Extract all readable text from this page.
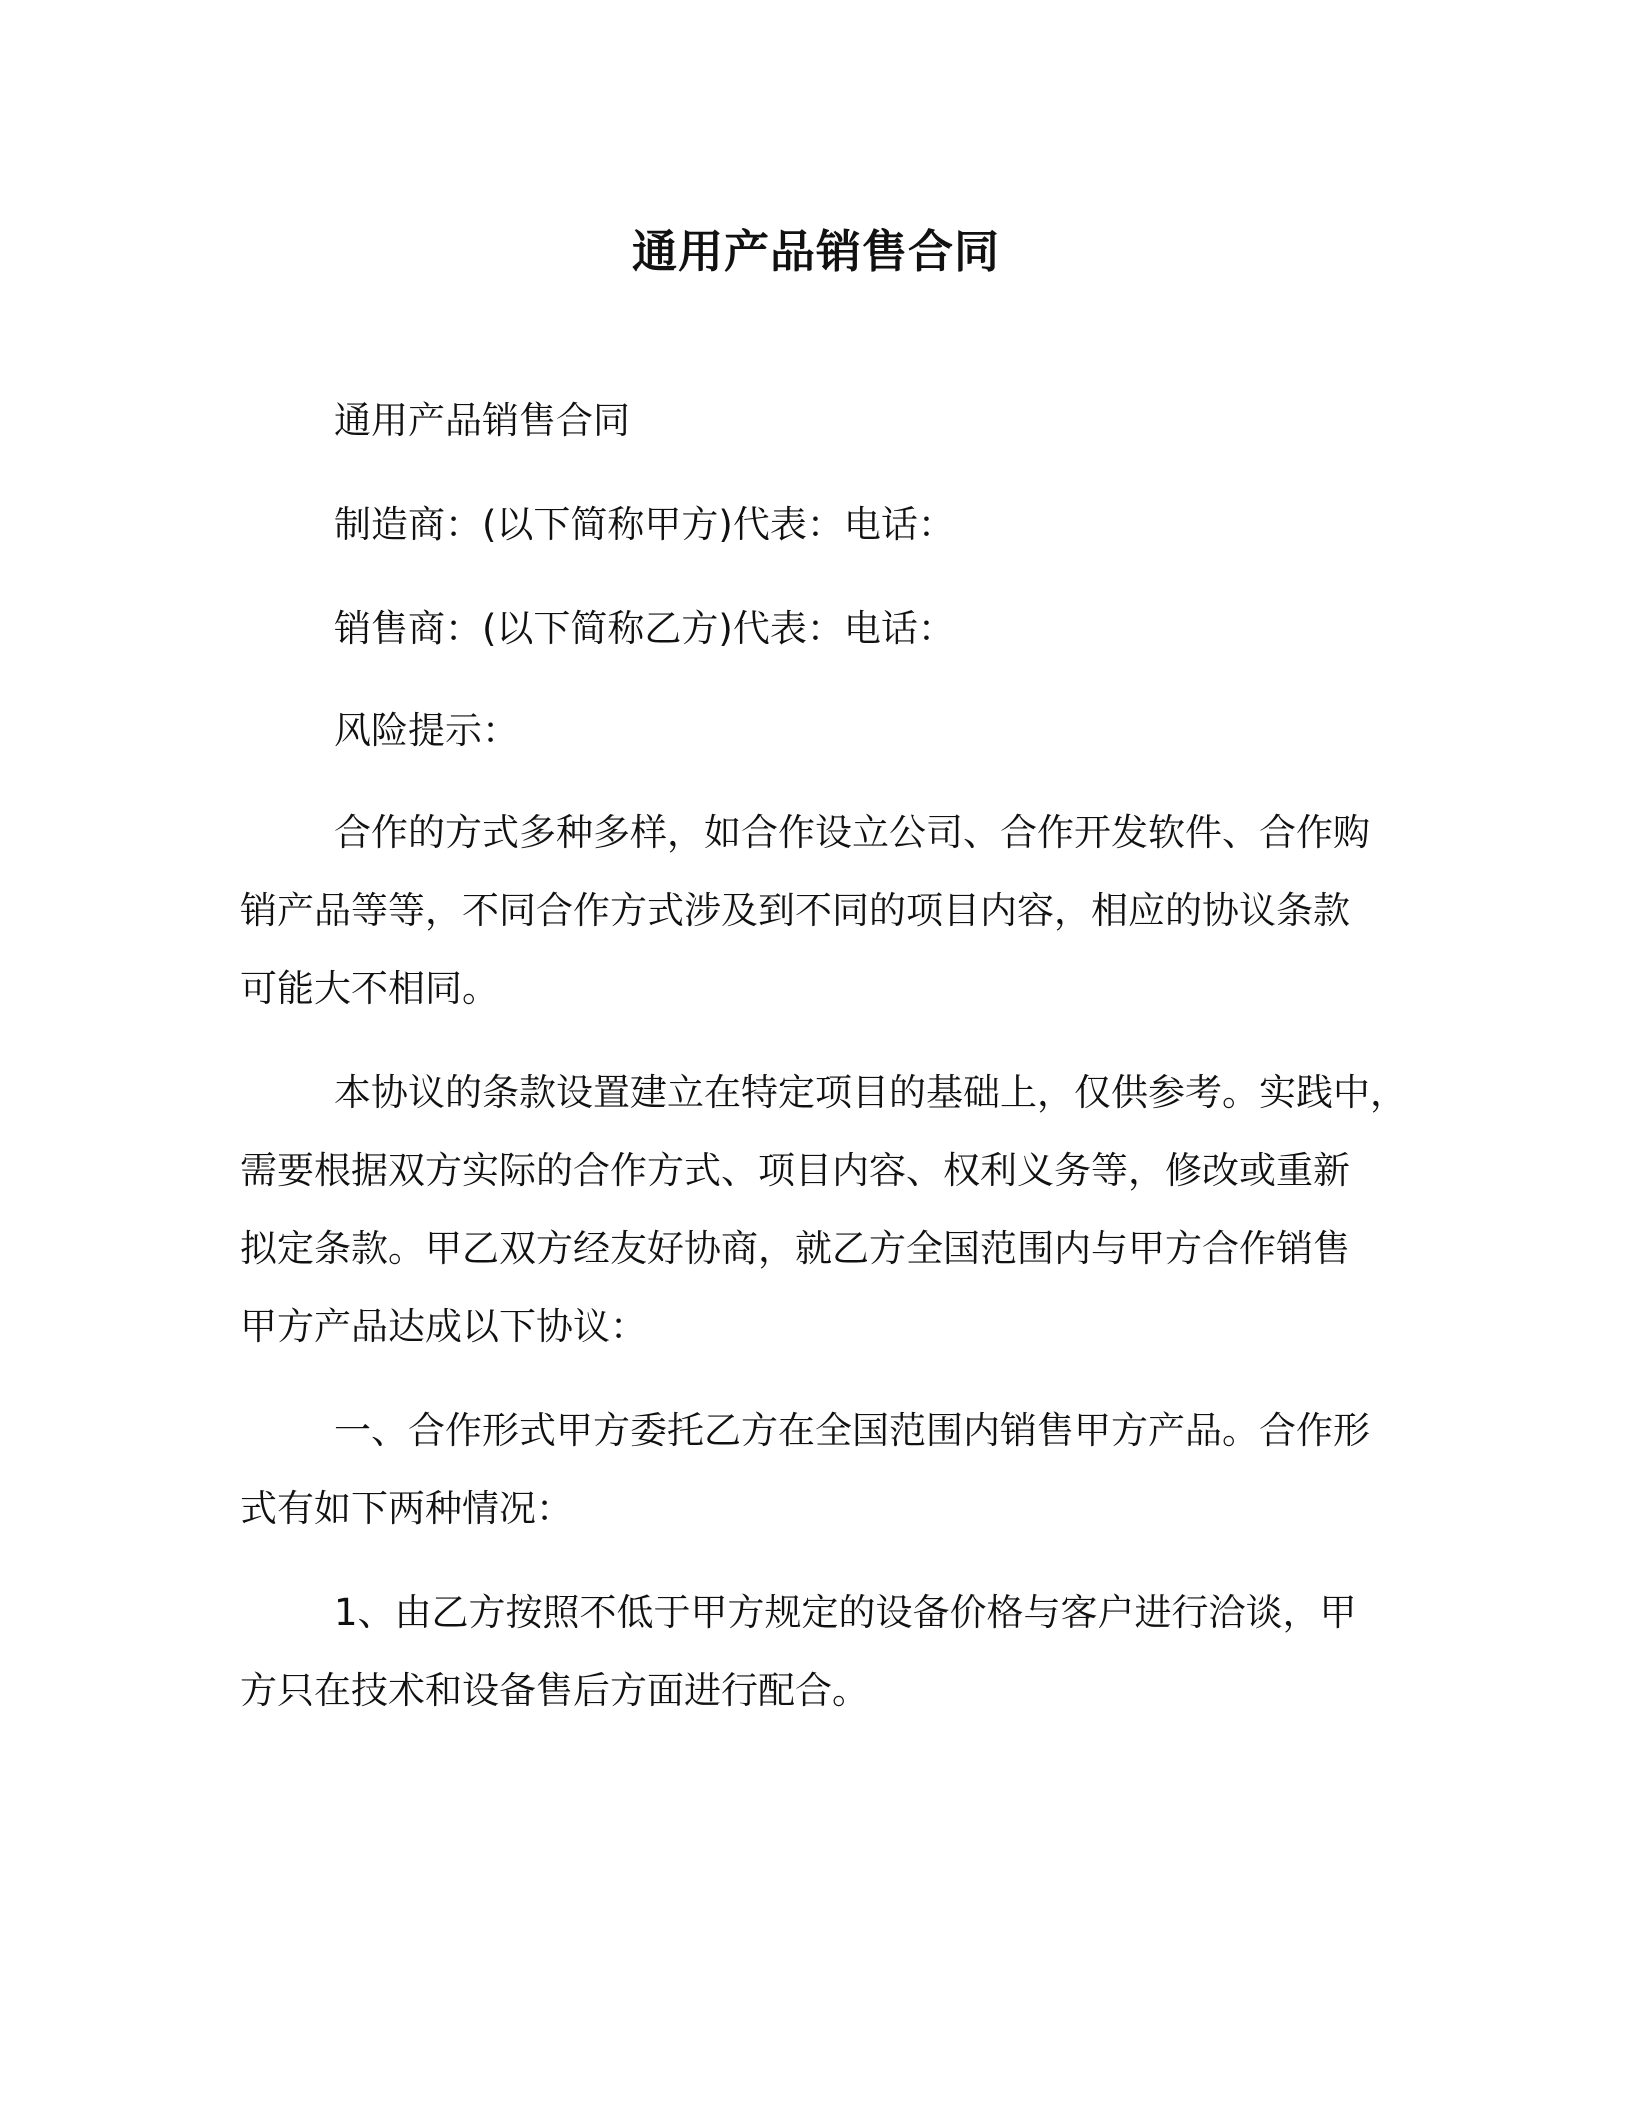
通用产品销售合同
通用产品销售合同
制造商：(以下简称甲方)代表：电话：
销售商：(以下简称乙方)代表：电话：
风险提示：
合作的方式多种多样，如合作设立公司、合作开发软件、合作购
销产品等等，不同合作方式涉及到不同的项目内容，相应的协议条款
可能大不相同。
本协议的条款设置建立在特定项目的基础上，仅供参考。实践中，
需要根据双方实际的合作方式、项目内容、权利义务等，修改或重新
拟定条款。甲乙双方经友好协商，就乙方全国范围内与甲方合作销售
甲方产品达成以下协议：
一、合作形式甲方委托乙方在全国范围内销售甲方产品。合作形
式有如下两种情况：
1、由乙方按照不低于甲方规定的设备价格与客户进行洽谈，甲
方只在技术和设备售后方面进行配合。
